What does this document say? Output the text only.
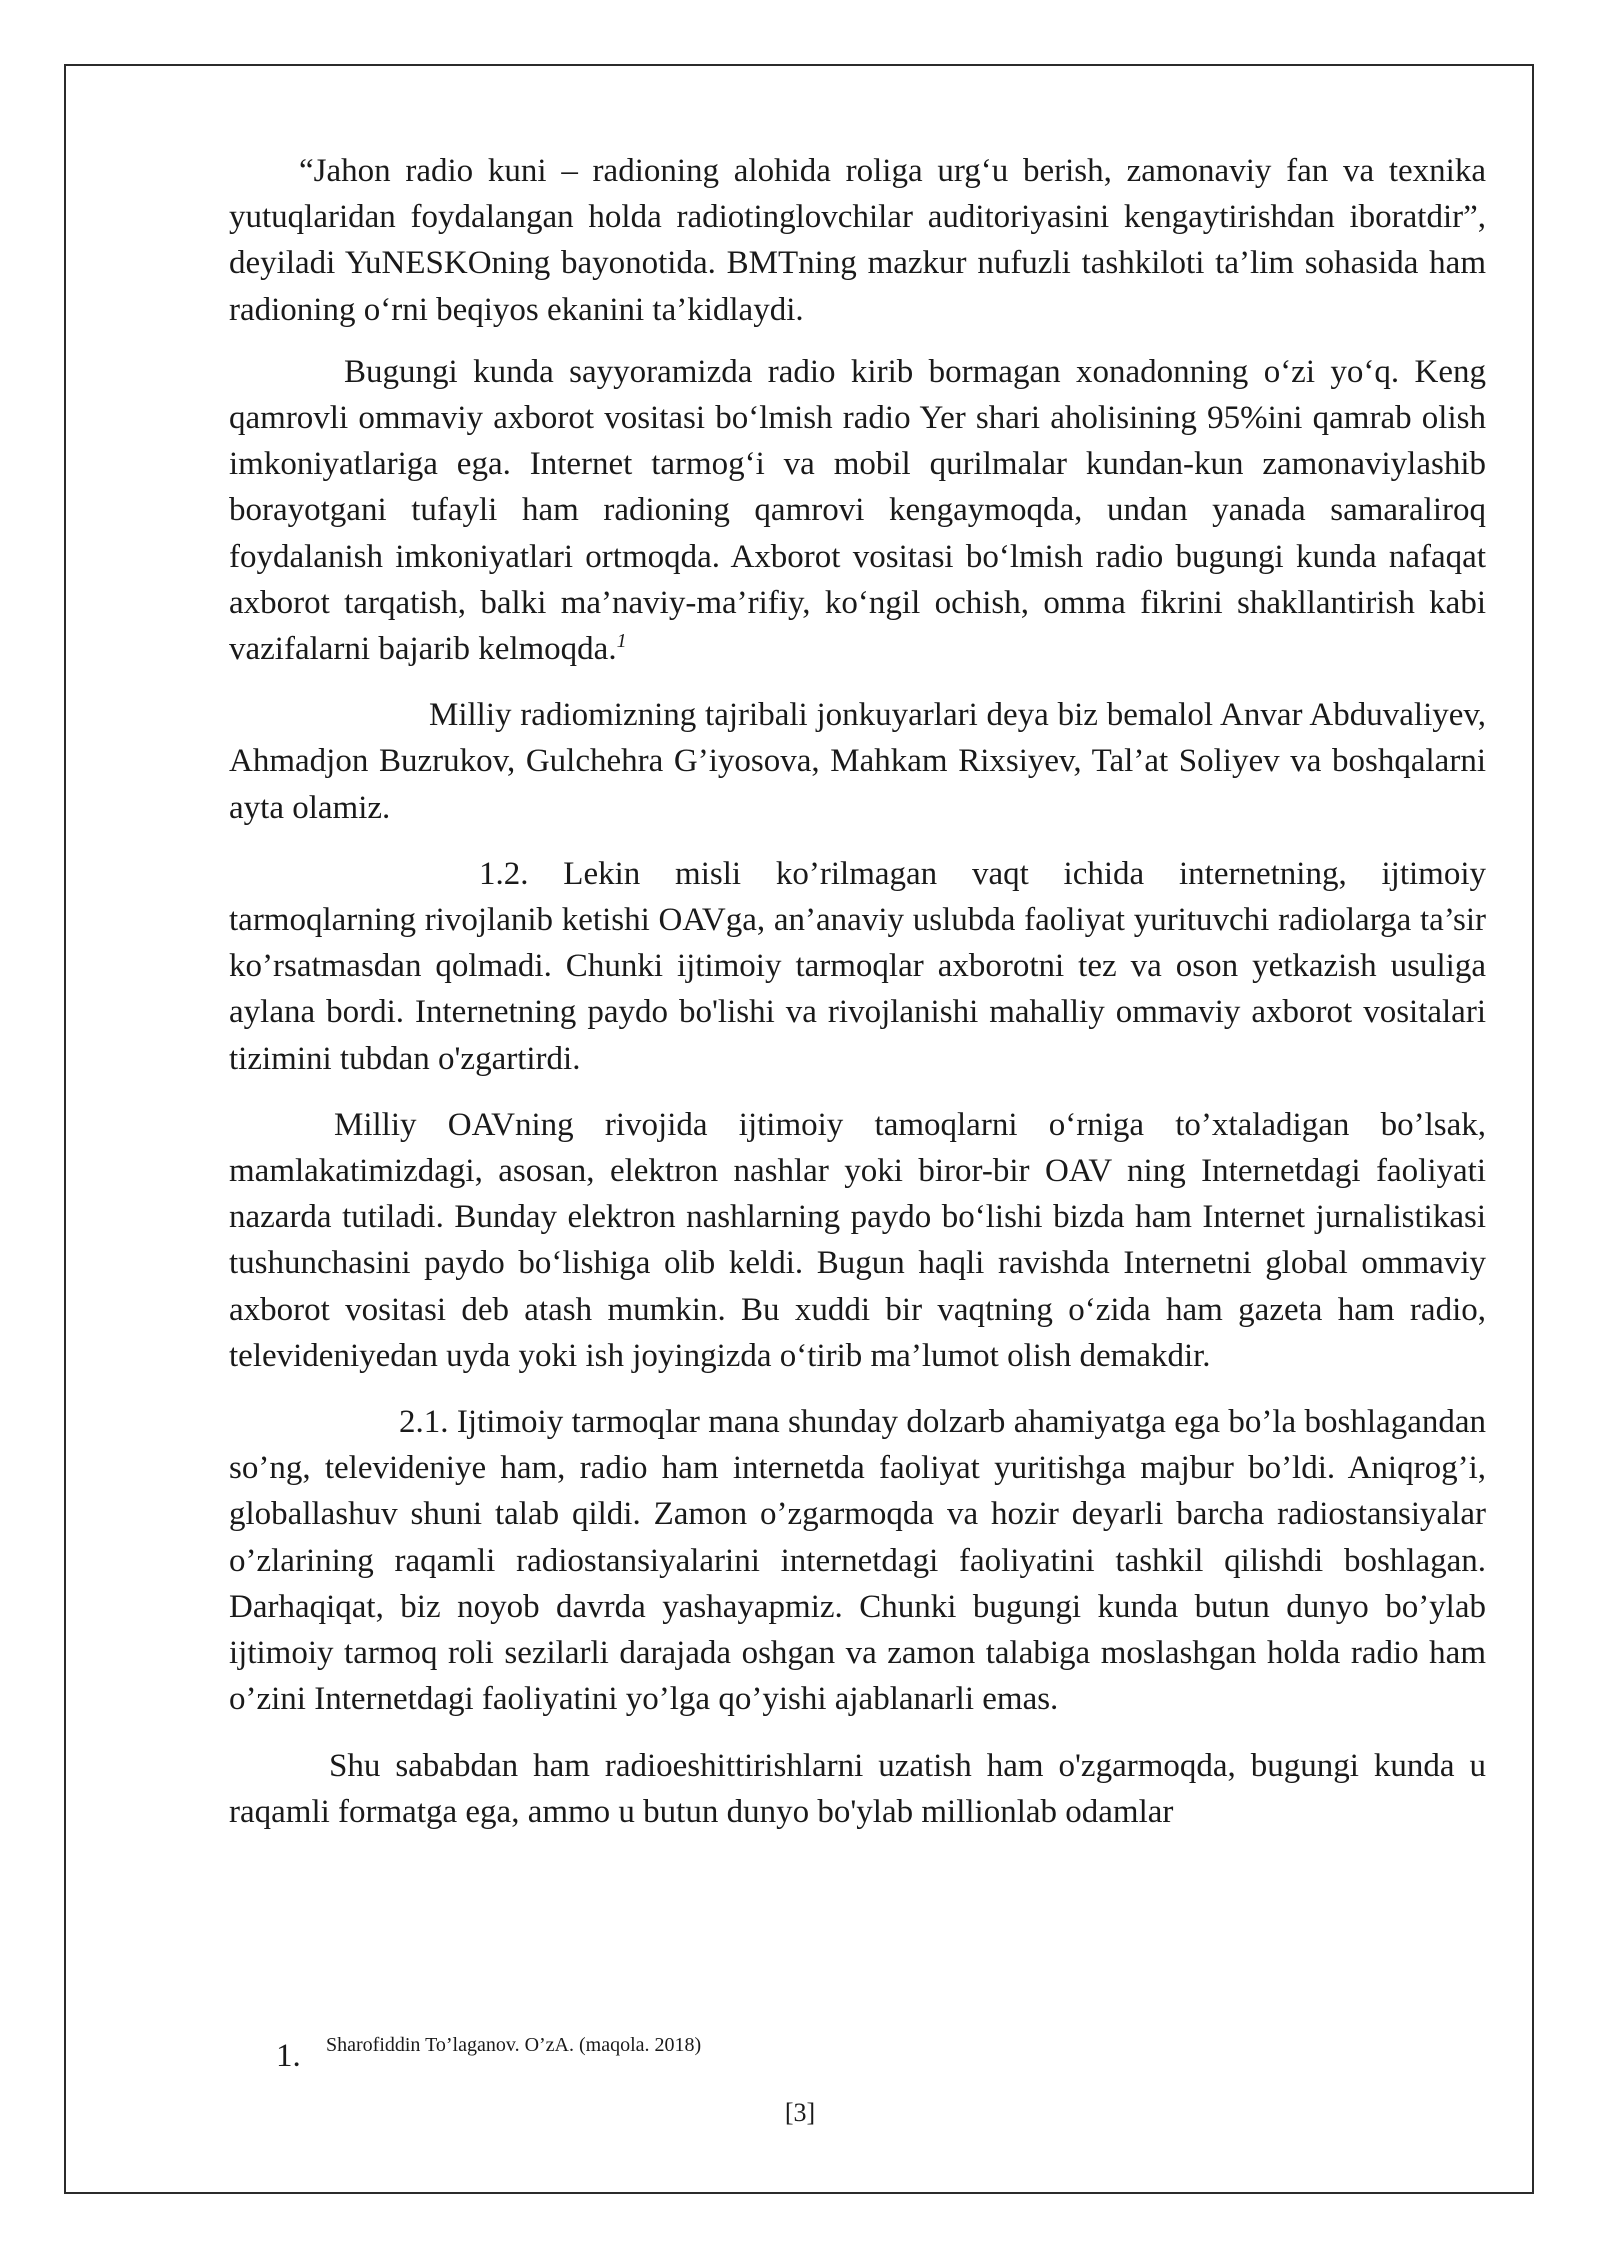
“Jahon radio kuni – radioning alohida roliga urg‘u berish, zamonaviy fan va texnika yutuqlaridan foydalangan holda radiotinglovchilar auditoriyasini kengaytirishdan iboratdir”, deyiladi YuNESKOning bayonotida. BMTning mazkur nufuzli tashkiloti ta’lim sohasida ham radioning o‘rni beqiyos ekanini ta’kidlaydi.

Bugungi kunda sayyoramizda radio kirib bormagan xonadonning o‘zi yo‘q. Keng qamrovli ommaviy axborot vositasi bo‘lmish radio Yer shari aholisining 95%ini qamrab olish imkoniyatlariga ega. Internet tarmog‘i va mobil qurilmalar kundan-kun zamonaviylashib borayotgani tufayli ham radioning qamrovi kengaymoqda, undan yanada samaraliroq foydalanish imkoniyatlari ortmoqda. Axborot vositasi bo‘lmish radio bugungi kunda nafaqat axborot tarqatish, balki ma’naviy-ma’rifiy, ko‘ngil ochish, omma fikrini shakllantirish kabi vazifalarni bajarib kelmoqda.$^1$

Milliy radiomizning tajribali jonkuyarlari deya biz bemalol Anvar Abduvaliyev, Ahmadjon Buzrukov, Gulchehra G’iyosova, Mahkam Rixsiyev, Tal’at Soliyev va boshqalarni ayta olamiz.

1.2. Lekin misli ko’rilmagan vaqt ichida internetning, ijtimoiy tarmoqlarning rivojlanib ketishi OAVga, an’anaviy uslubda faoliyat yurituvchi radiolarga ta’sir ko’rsatmasdan qolmadi. Chunki ijtimoiy tarmoqlar axborotni tez va oson yetkazish usuliga aylana bordi. Internetning paydo bo'lishi va rivojlanishi mahalliy ommaviy axborot vositalari tizimini tubdan o'zgartirdi.

Milliy OAVning rivojida ijtimoiy tamoqlarni o‘rniga to’xtaladigan bo’lsak, mamlakatimizdagi, asosan, elektron nashlar yoki biror-bir OAV ning Internetdagi faoliyati nazarda tutiladi. Bunday elektron nashlarning paydo bo‘lishi bizda ham Internet jurnalistikasi tushunchasini paydo bo‘lishiga olib keldi. Bugun haqli ravishda Internetni global ommaviy axborot vositasi deb atash mumkin. Bu xuddi bir vaqtning o‘zida ham gazeta ham radio, televideniyedan uyda yoki ish joyingizda o‘tirib ma’lumot olish demakdir.

2.1. Ijtimoiy tarmoqlar mana shunday dolzarb ahamiyatga ega bo’la boshlagandan so’ng, televideniye ham, radio ham internetda faoliyat yuritishga majbur bo’ldi. Aniqrog’i, globallashuv shuni talab qildi. Zamon o’zgarmoqda va hozir deyarli barcha radiostansiyalar o’zlarining raqamli radiostansiyalarini internetdagi faoliyatini tashkil qilishdi boshlagan. Darhaqiqat, biz noyob davrda yashayapmiz. Chunki bugungi kunda butun dunyo bo’ylab ijtimoiy tarmoq roli sezilarli darajada oshgan va zamon talabiga moslashgan holda radio ham o’zini Internetdagi faoliyatini yo’lga qo’yishi ajablanarli emas.

Shu sababdan ham radioeshittirishlarni uzatish ham o'zgarmoqda, bugungi kunda u raqamli formatga ega, ammo u butun dunyo bo'ylab millionlab odamlar

1.	Sharofiddin To’laganov. O’zA. (maqola. 2018)
[3]
